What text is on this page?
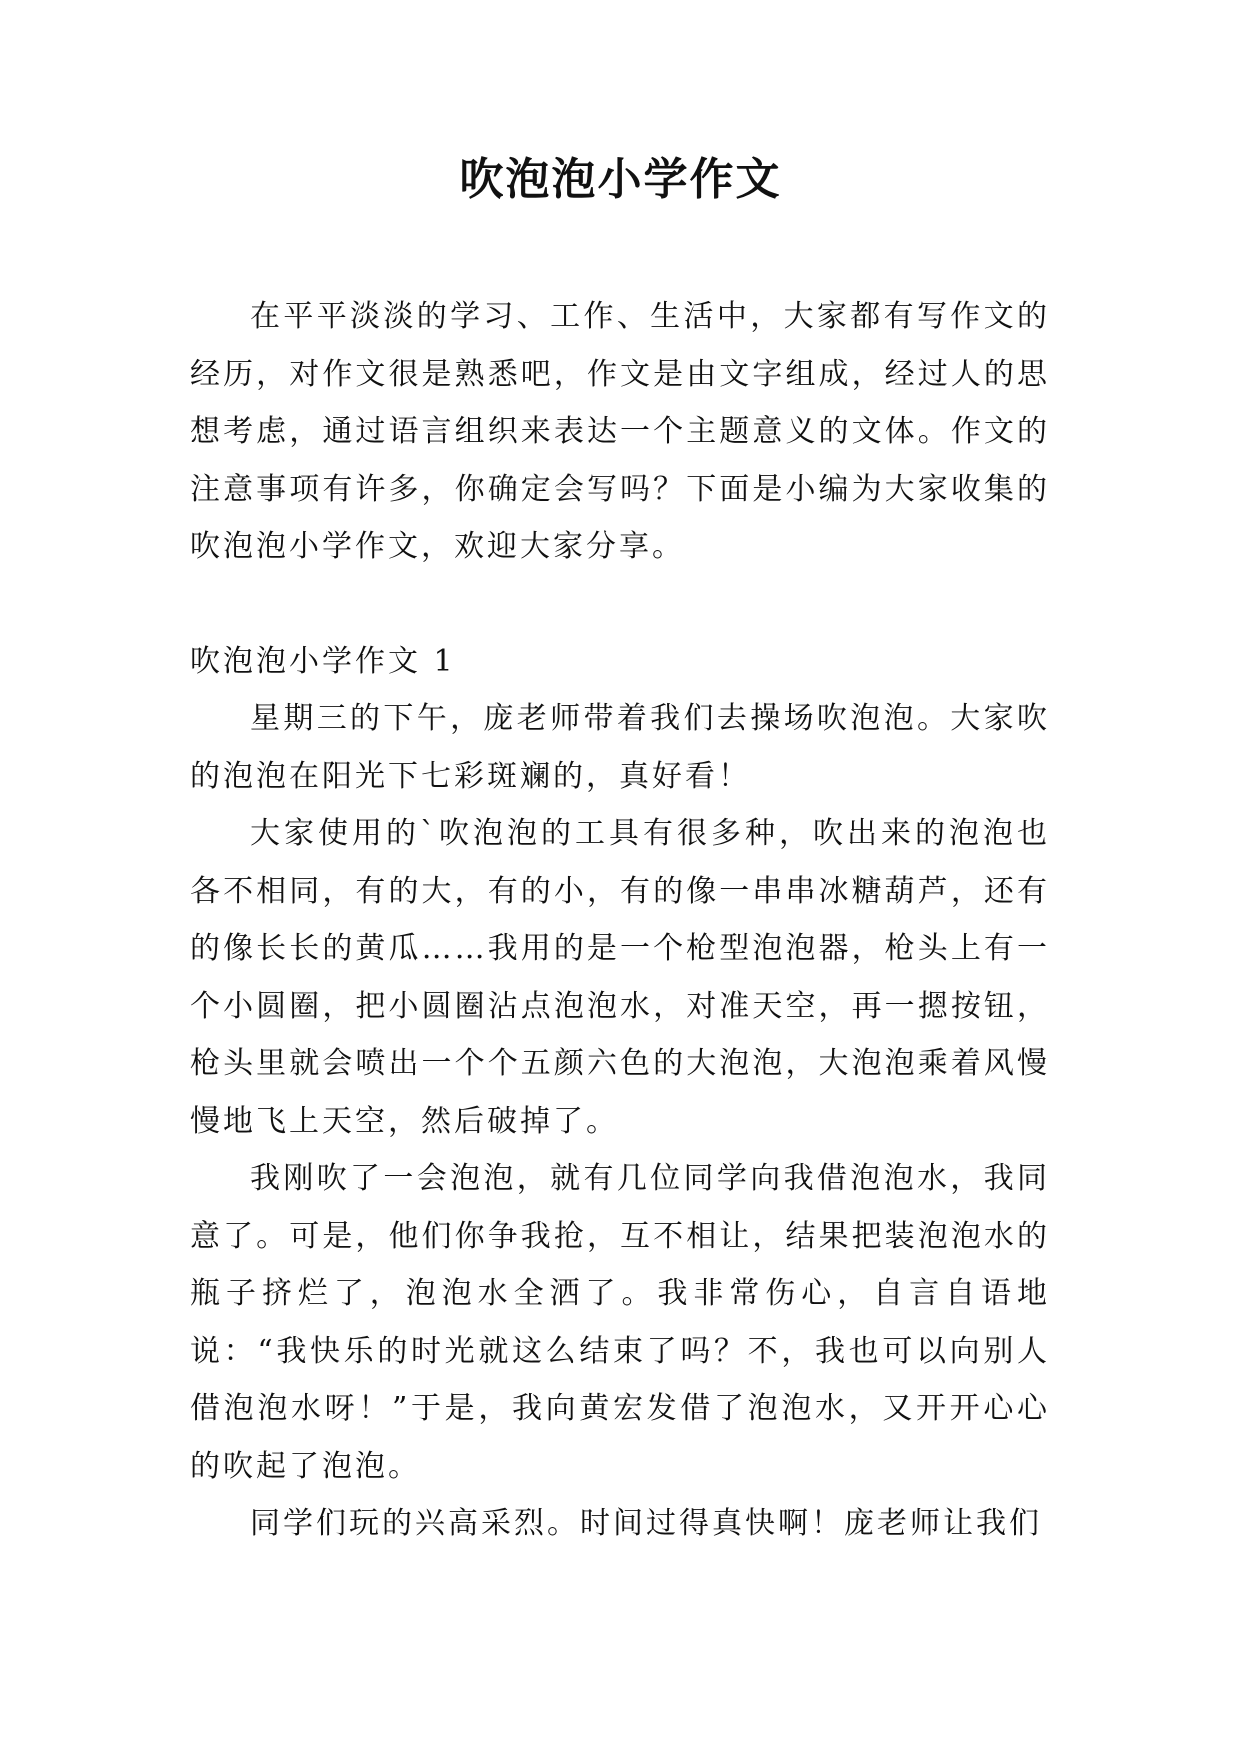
吹泡泡小学作文

在平平淡淡的学习、工作、生活中，大家都有写作文的经历，对作文很是熟悉吧，作文是由文字组成，经过人的思想考虑，通过语言组织来表达一个主题意义的文体。作文的注意事项有许多，你确定会写吗？下面是小编为大家收集的吹泡泡小学作文，欢迎大家分享。

吹泡泡小学作文 1

星期三的下午，庞老师带着我们去操场吹泡泡。大家吹的泡泡在阳光下七彩斑斓的，真好看！

大家使用的`吹泡泡的工具有很多种，吹出来的泡泡也各不相同，有的大，有的小，有的像一串串冰糖葫芦，还有的像长长的黄瓜……我用的是一个枪型泡泡器，枪头上有一个小圆圈，把小圆圈沾点泡泡水，对准天空，再一摁按钮，枪头里就会喷出一个个五颜六色的大泡泡，大泡泡乘着风慢慢地飞上天空，然后破掉了。

我刚吹了一会泡泡，就有几位同学向我借泡泡水，我同意了。可是，他们你争我抢，互不相让，结果把装泡泡水的瓶子挤烂了，泡泡水全洒了。我非常伤心，自言自语地说：“我快乐的时光就这么结束了吗？不，我也可以向别人借泡泡水呀！”于是，我向黄宏发借了泡泡水，又开开心心的吹起了泡泡。

同学们玩的兴高采烈。时间过得真快啊！庞老师让我们
